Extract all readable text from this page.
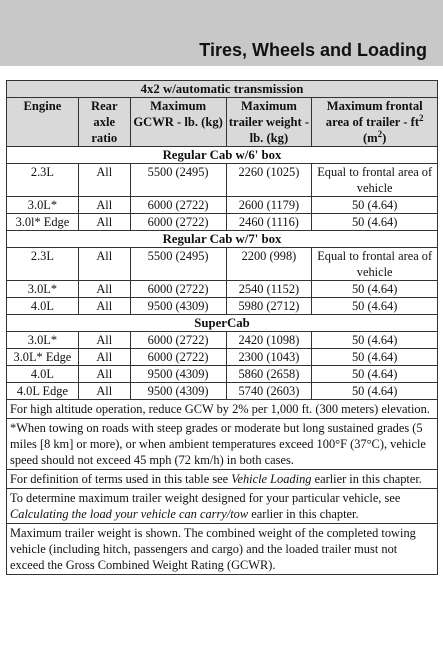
Tires, Wheels and Loading
4x2 w/automatic transmission				
Engine	Rear axle ratio	Maximum GCWR - lb. (kg)	Maximum trailer weight - lb. (kg)	Maximum frontal area of trailer - $ft^2$ $(m^2)$
Regular Cab w/6' box				
2.3L	All	5500 (2495)	2260 (1025)	Equal to frontal area of vehicle
3.0L*	All	6000 (2722)	2600 (1179)	50 (4.64)
3.0l* Edge	All	6000 (2722)	2460 (1116)	50 (4.64)
Regular Cab w/7' box				
2.3L	All	5500 (2495)	2200 (998)	Equal to frontal area of vehicle
3.0L*	All	6000 (2722)	2540 (1152)	50 (4.64)
4.0L	All	9500 (4309)	5980 (2712)	50 (4.64)
SuperCab				
3.0L*	All	6000 (2722)	2420 (1098)	50 (4.64)
3.0L* Edge	All	6000 (2722)	2300 (1043)	50 (4.64)
4.0L	All	9500 (4309)	5860 (2658)	50 (4.64)
4.0L Edge	All	9500 (4309)	5740 (2603)	50 (4.64)
For high altitude operation, reduce GCW by 2% per 1,000 ft. (300 meters) elevation.				
*When towing on roads with steep grades or moderate but long sustained grades (5 miles [8 km] or more), or when ambient temperatures exceed 100°F (37°C), vehicle speed should not exceed 45 mph (72 km/h) in both cases.				
For definition of terms used in this table see Vehicle Loading earlier in this chapter.				
To determine maximum trailer weight designed for your particular vehicle, see Calculating the load your vehicle can carry/tow earlier in this chapter.				
Maximum trailer weight is shown. The combined weight of the completed towing vehicle (including hitch, passengers and cargo) and the loaded trailer must not exceed the Gross Combined Weight Rating (GCWR).				
